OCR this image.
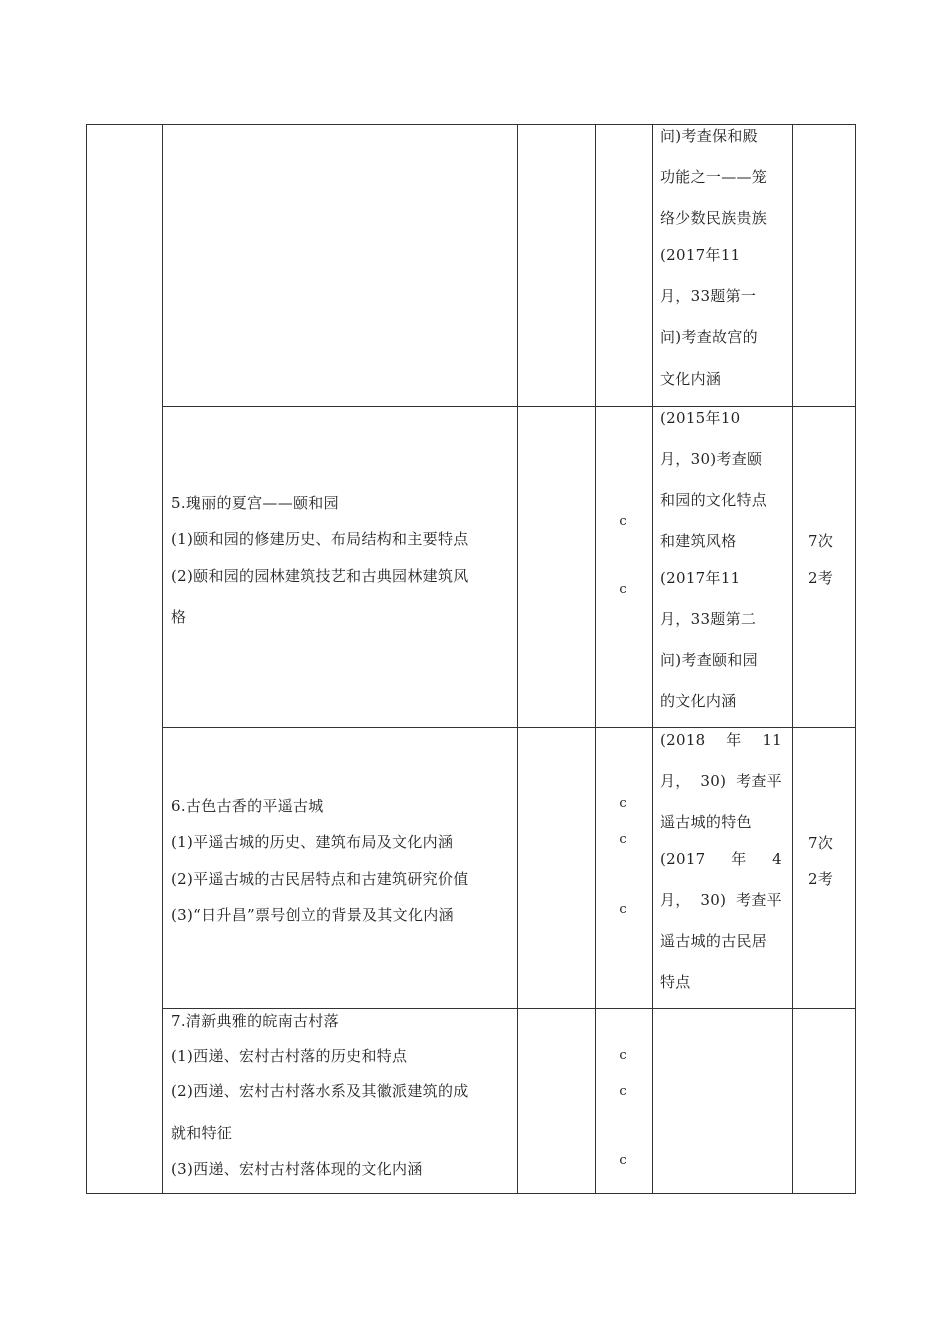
问)考查保和殿
功能之一——笼
络少数民族贵族
(2017年11
月，33题第一
问)考查故宫的
文化内涵
5.瑰丽的夏宫——颐和园
(1)颐和园的修建历史、布局结构和主要特点
(2)颐和园的园林建筑技艺和古典园林建筑风
格
c
c
(2015年10
月，30)考查颐
和园的文化特点
和建筑风格
(2017年11
月，33题第二
问)考查颐和园
的文化内涵
7次
2考
6.古色古香的平遥古城
(1)平遥古城的历史、建筑布局及文化内涵
(2)平遥古城的古民居特点和古建筑研究价值
(3)“日升昌”票号创立的背景及其文化内涵
c
c
c
(2018 年 11
月， 30) 考查平
遥古城的特色
(2017 年 4
月， 30) 考查平
遥古城的古民居
特点
7次
2考
7.清新典雅的皖南古村落
(1)西递、宏村古村落的历史和特点
(2)西递、宏村古村落水系及其徽派建筑的成
就和特征
(3)西递、宏村古村落体现的文化内涵
c
c
c
